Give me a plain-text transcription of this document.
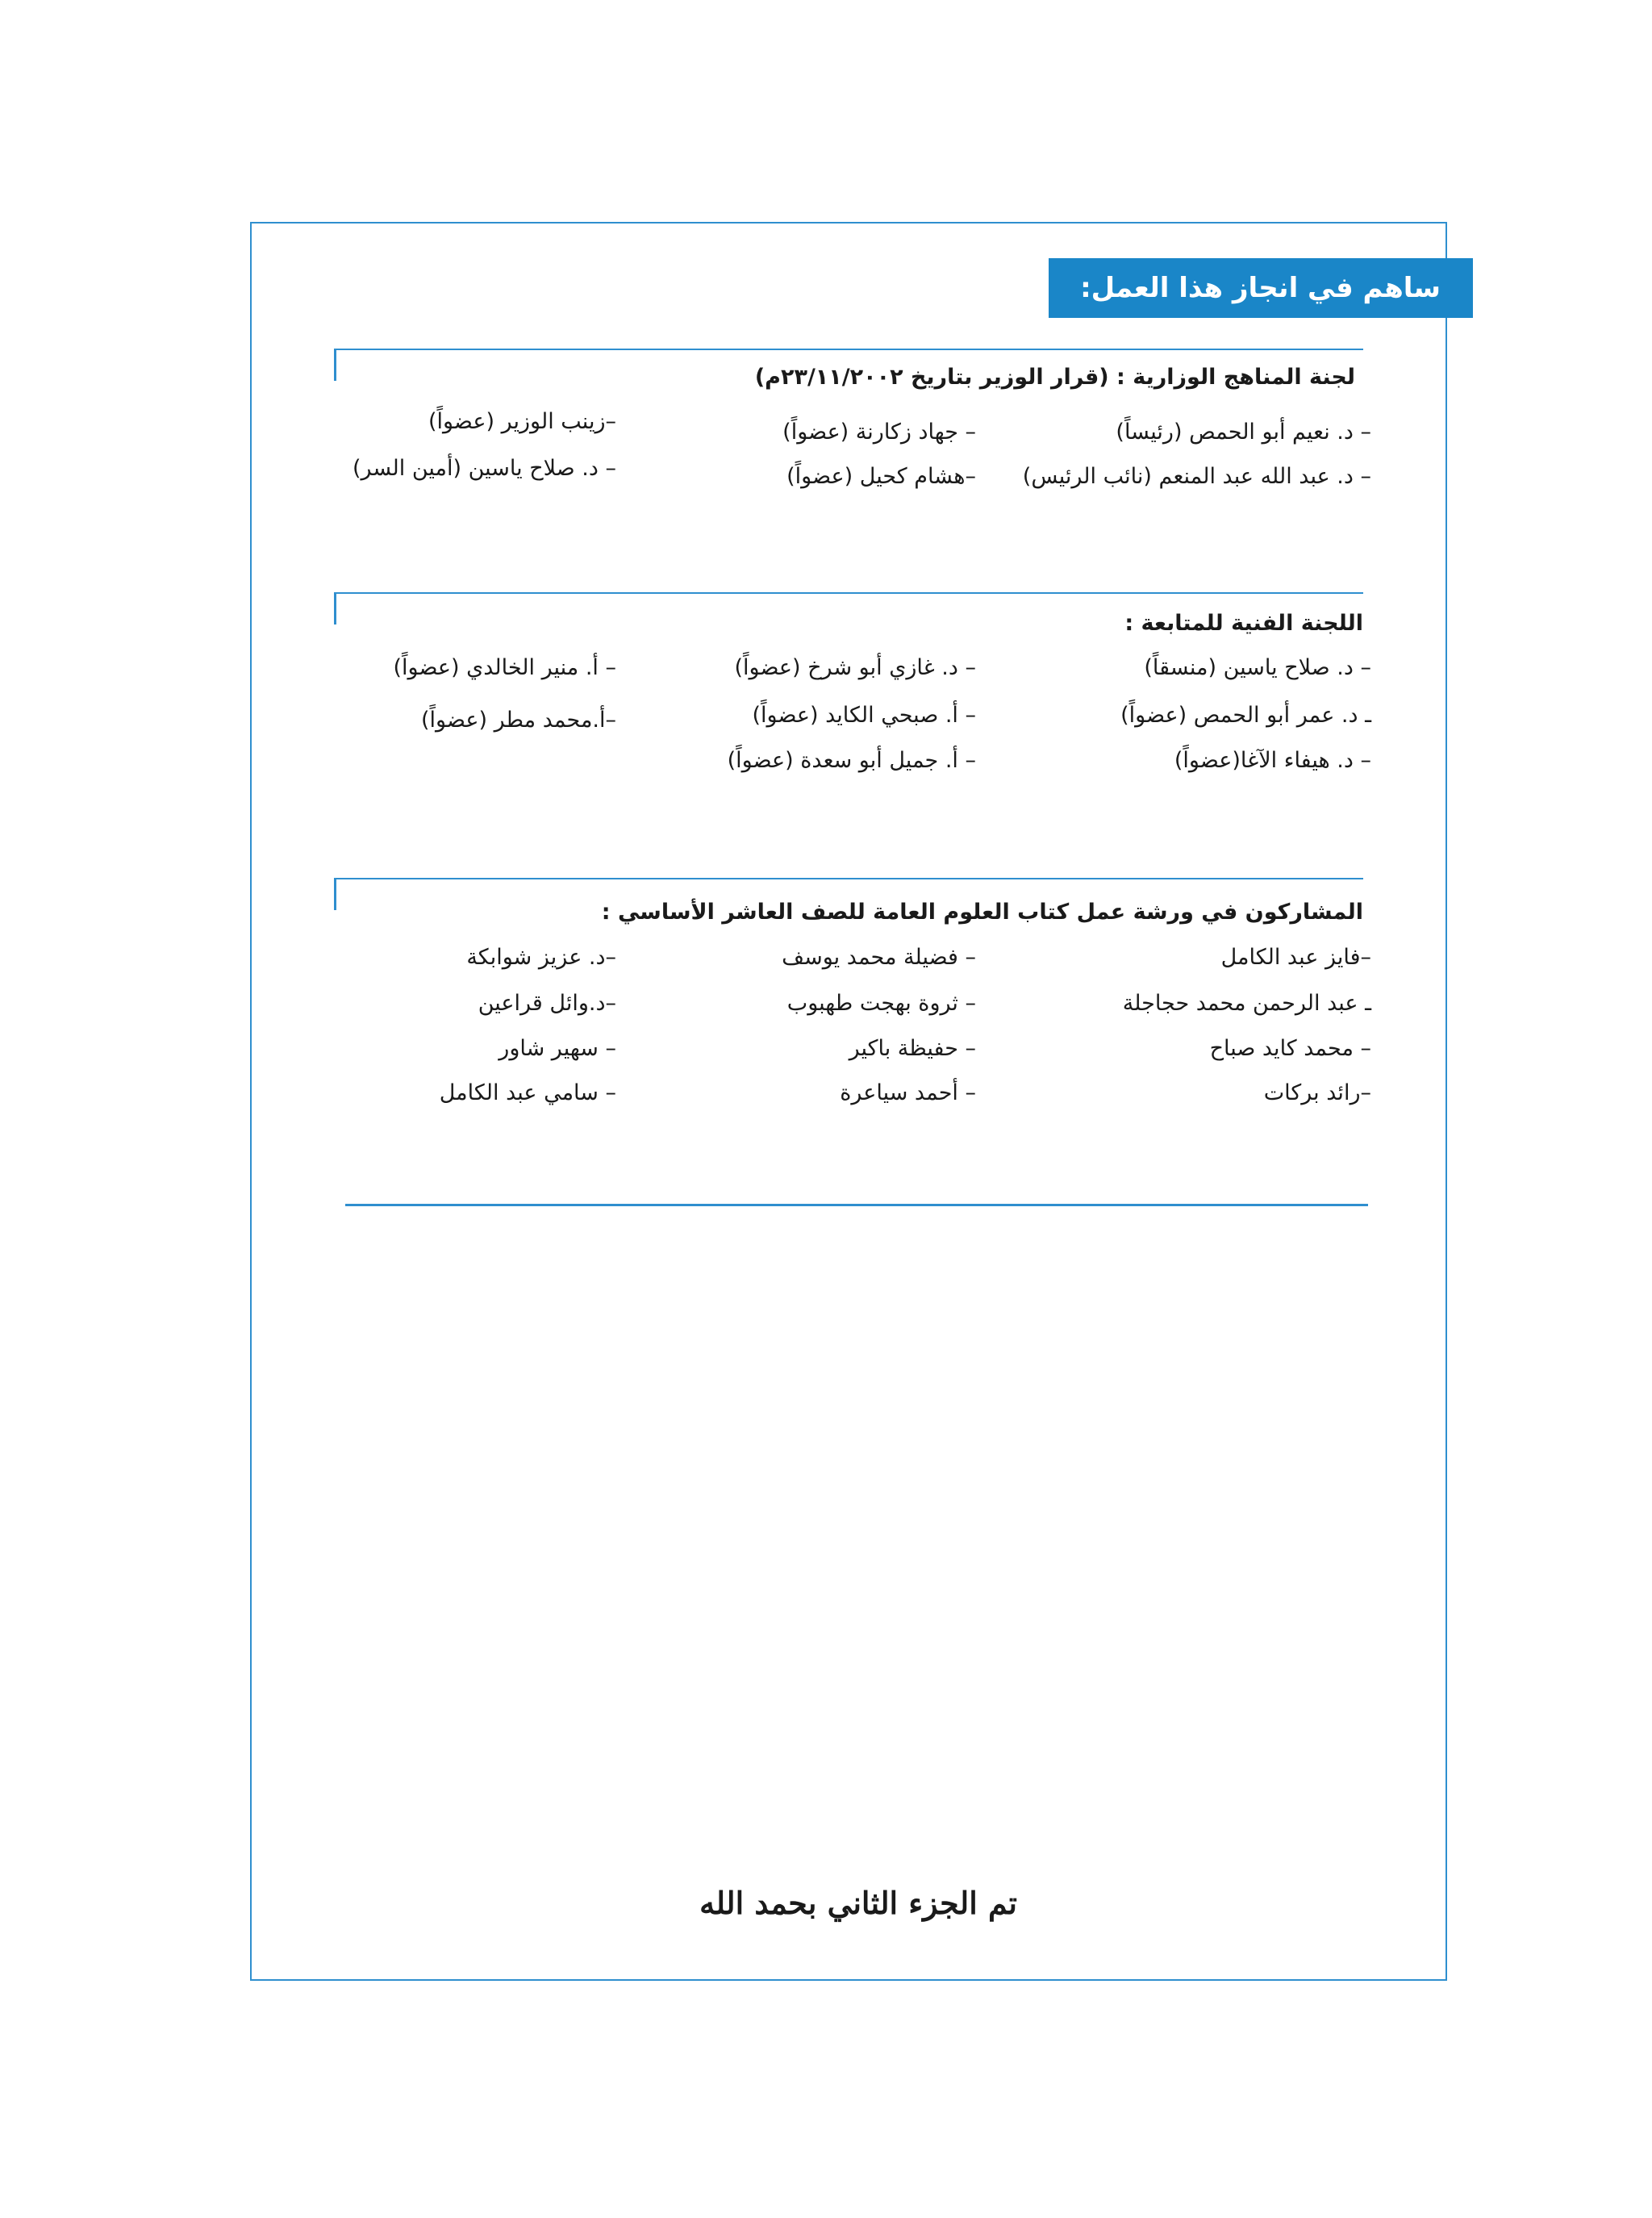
ساهم في انجاز هذا العمل:
لجنة المناهج الوزارية : (قرار الوزير بتاريخ ٢٣/١١/٢٠٠٢م)
– د. نعيم أبو الحمص (رئيساً)
– د. عبد الله عبد المنعم (نائب الرئيس)
– جهاد زكارنة (عضواً)
–هشام كحيل (عضواً)
–زينب الوزير (عضواً)
– د. صلاح ياسين (أمين السر)
اللجنة الفنية للمتابعة :
– د. صلاح ياسين (منسقاً)
ـ د. عمر أبو الحمص (عضواً)
– د. هيفاء الآغا(عضواً)
– د. غازي أبو شرخ (عضواً)
– أ. صبحي الكايد (عضواً)
– أ. جميل أبو سعدة (عضواً)
– أ. منير الخالدي (عضواً)
–أ.محمد مطر (عضواً)
المشاركون في ورشة عمل كتاب العلوم العامة للصف العاشر الأساسي :
–فايز عبد الكامل
ـ عبد الرحمن محمد حجاجلة
– محمد كايد صباح
–رائد بركات
– فضيلة محمد يوسف
– ثروة بهجت طهبوب
– حفيظة باكير
– أحمد سياعرة
–د. عزيز شوابكة
–د.وائل قراعين
– سهير شاور
– سامي عبد الكامل
تم الجزء الثاني بحمد الله
